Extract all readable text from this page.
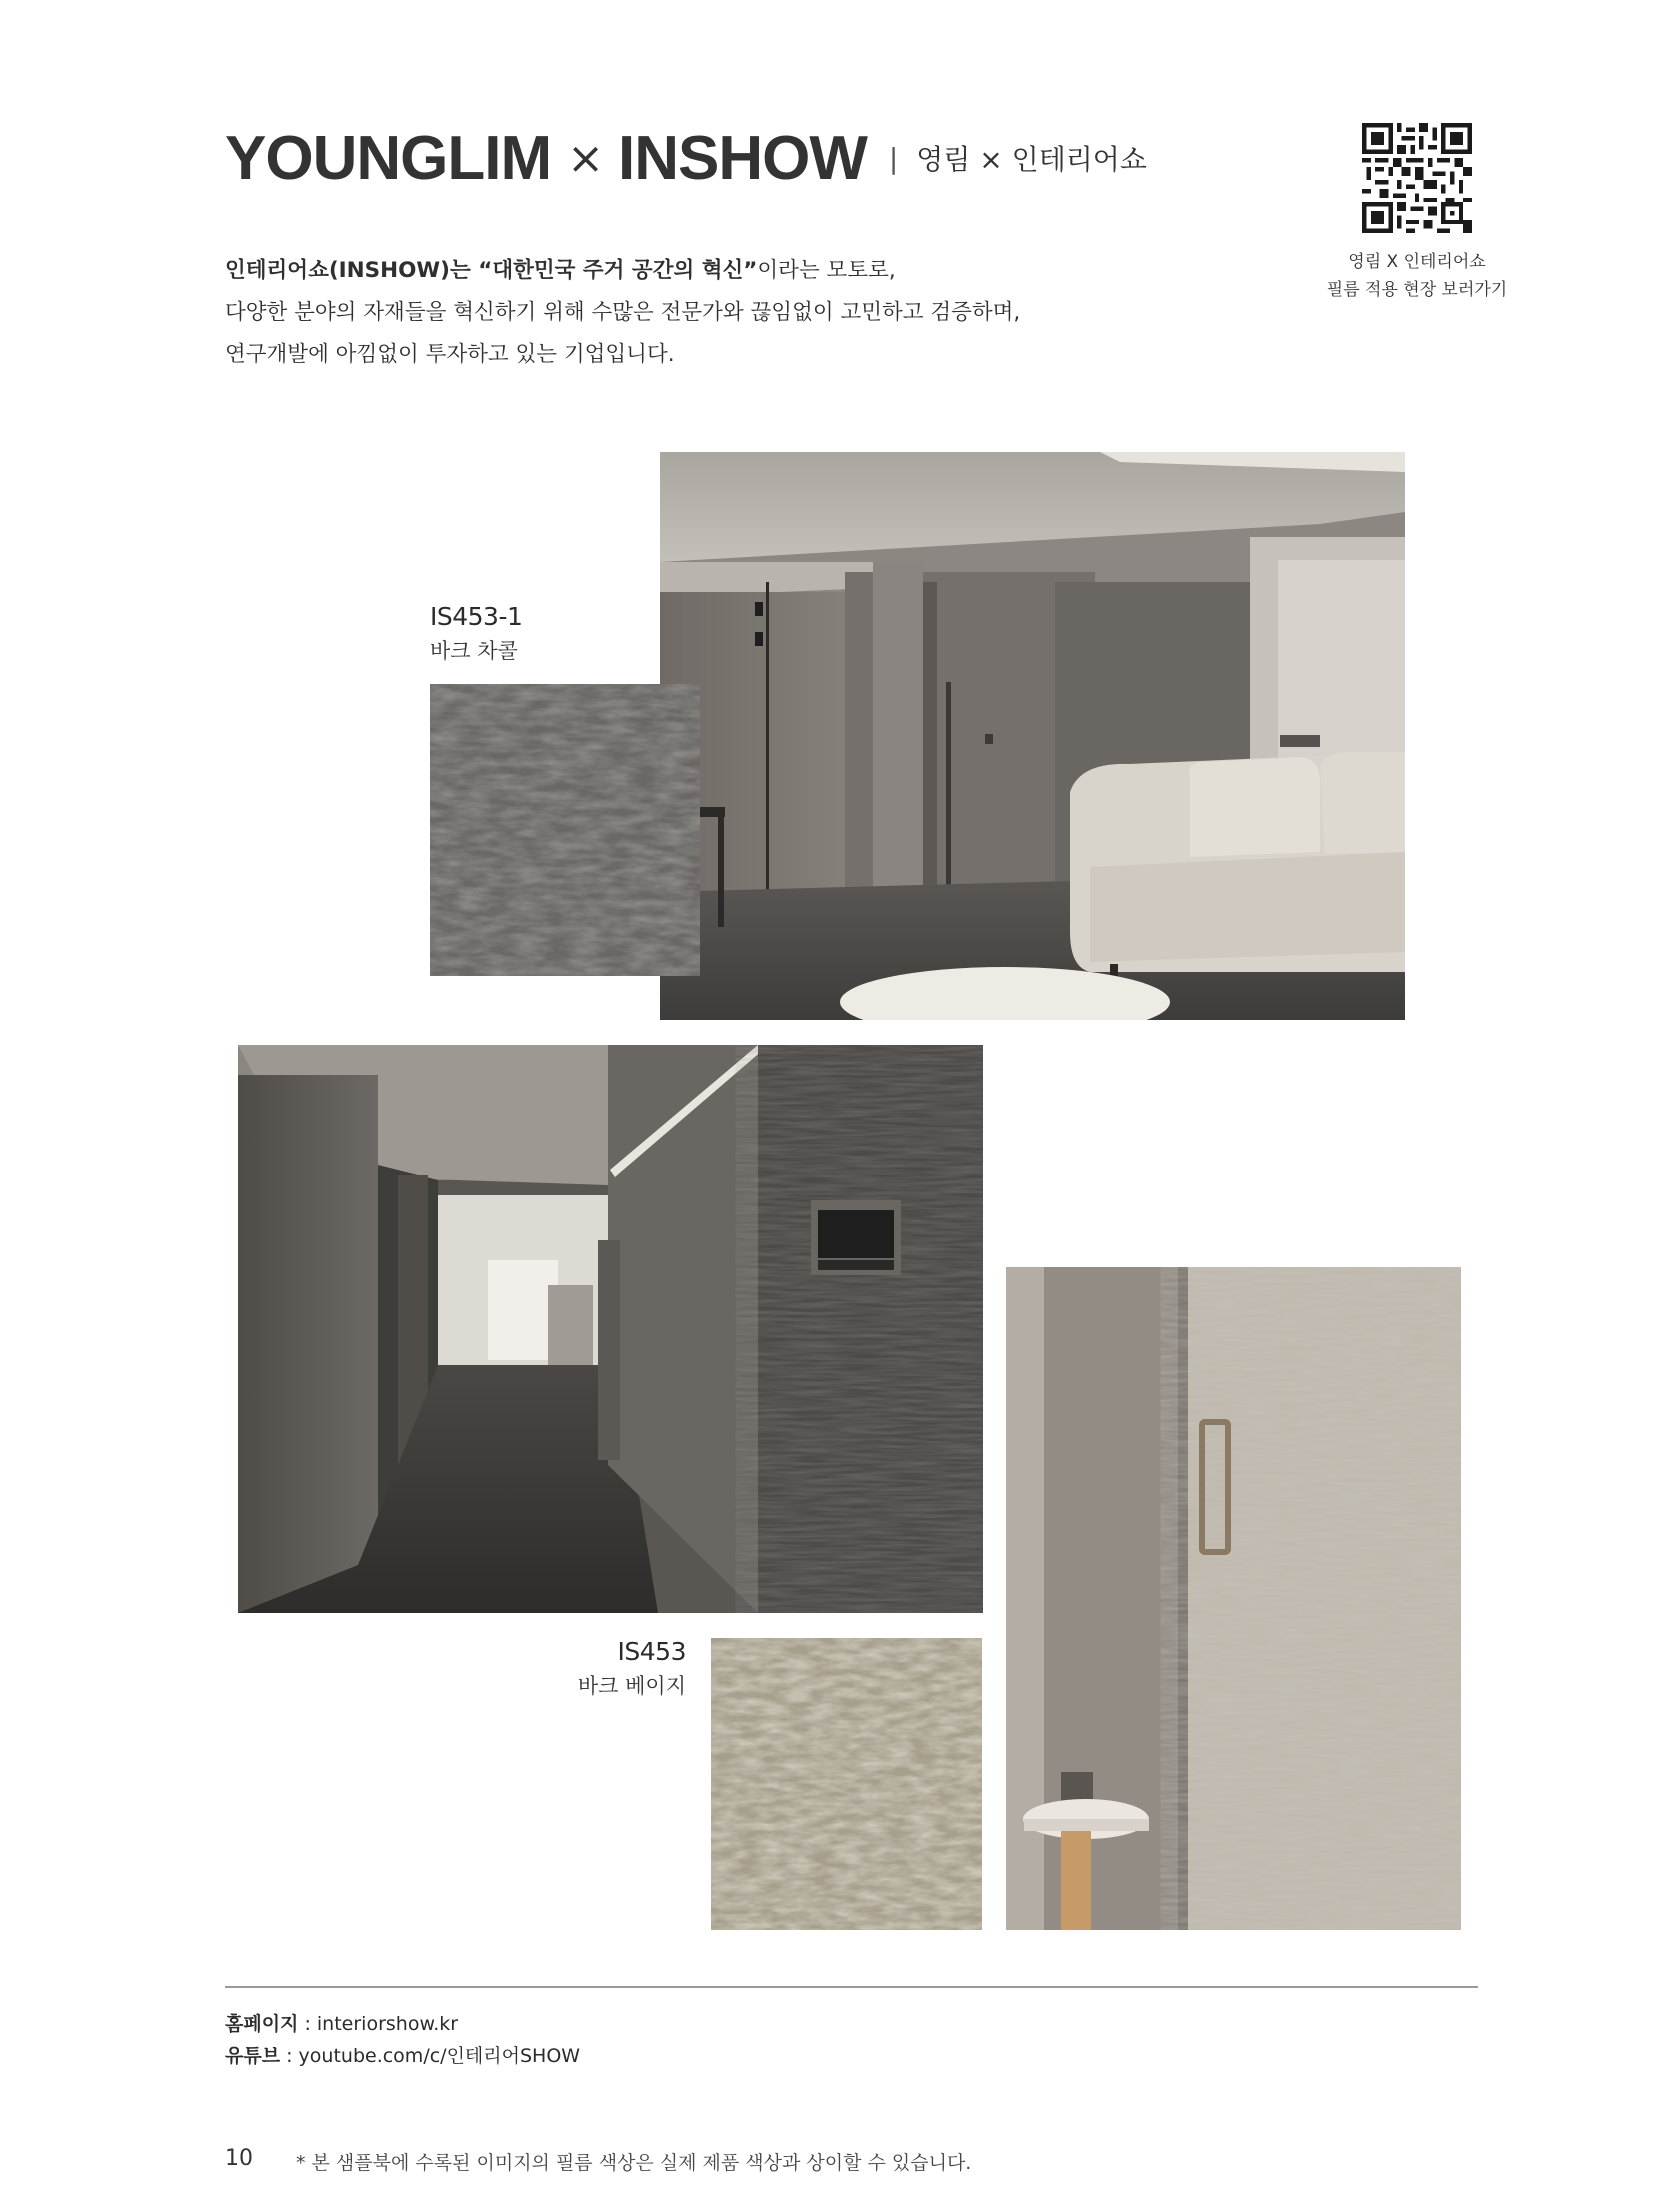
YOUNGLIM × INSHOW | 영림 × 인테리어쇼
영림 X 인테리어쇼
필름 적용 현장 보러가기
인테리어쇼(INSHOW)는 “대한민국 주거 공간의 혁신”이라는 모토로,
다양한 분야의 자재들을 혁신하기 위해 수많은 전문가와 끊임없이 고민하고 검증하며,
연구개발에 아낌없이 투자하고 있는 기업입니다.
IS453-1
바크 차콜
IS453
바크 베이지
홈페이지 : interiorshow.kr
유튜브 : youtube.com/c/인테리어SHOW
10 * 본 샘플북에 수록된 이미지의 필름 색상은 실제 제품 색상과 상이할 수 있습니다.
